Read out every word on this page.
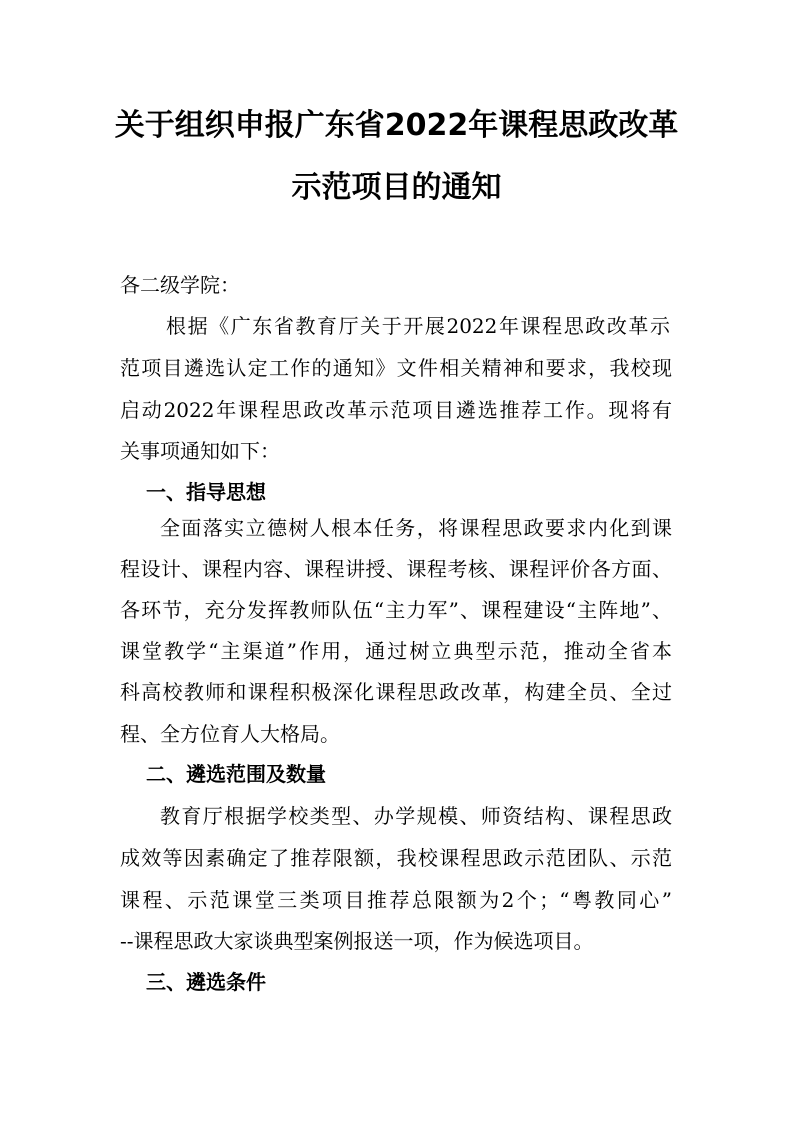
关于组织申报广东省2022年课程思政改革
示范项目的通知
各二级学院：
根据《广东省教育厅关于开展2022年课程思政改革示
范项目遴选认定工作的通知》文件相关精神和要求，我校现
启动2022年课程思政改革示范项目遴选推荐工作。现将有
关事项通知如下：
一、指导思想
全面落实立德树人根本任务，将课程思政要求内化到课
程设计、课程内容、课程讲授、课程考核、课程评价各方面、
各环节，充分发挥教师队伍“主力军”、课程建设“主阵地”、
课堂教学“主渠道”作用，通过树立典型示范，推动全省本
科高校教师和课程积极深化课程思政改革，构建全员、全过
程、全方位育人大格局。
二、遴选范围及数量
教育厅根据学校类型、办学规模、师资结构、课程思政
成效等因素确定了推荐限额，我校课程思政示范团队、示范
课程、示范课堂三类项目推荐总限额为2个；“粤教同心”
--课程思政大家谈典型案例报送一项，作为候选项目。
三、遴选条件
